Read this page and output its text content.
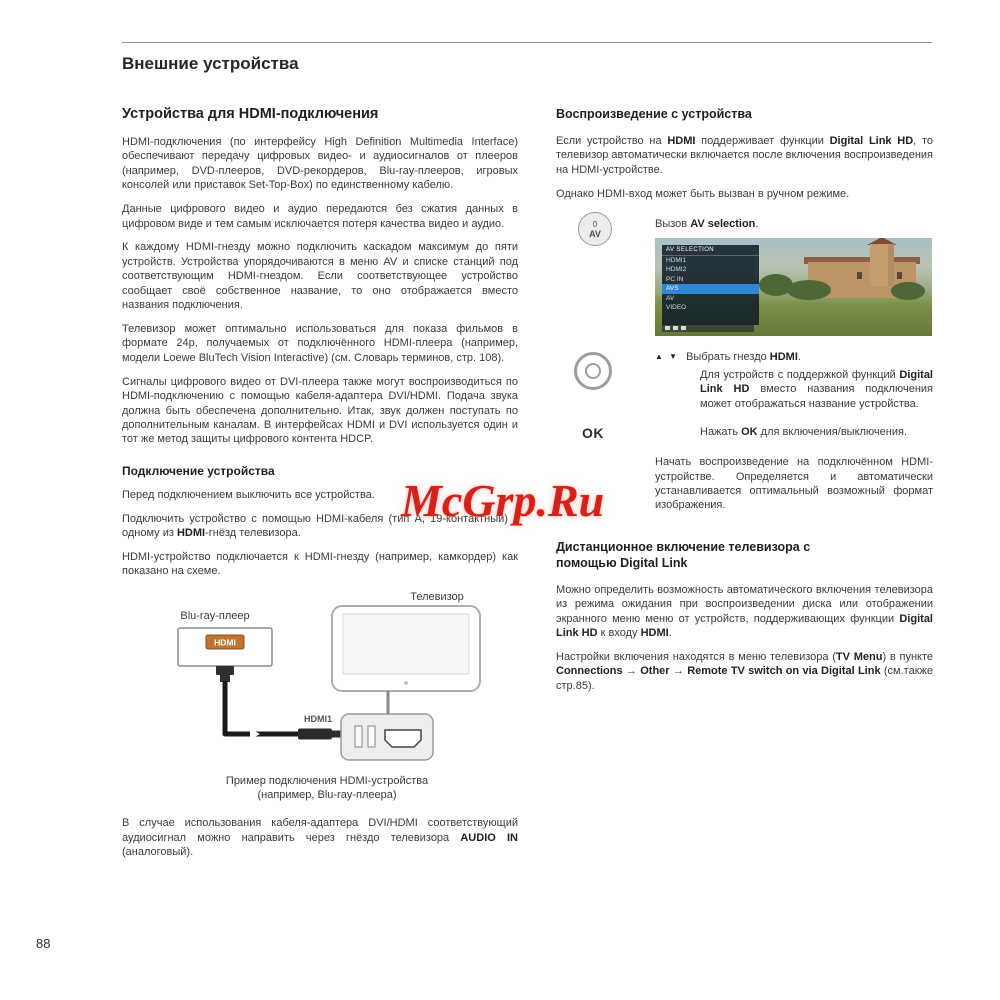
Внешние устройства
Устройства для HDMI-подключения

HDMI-подключения (по интерфейсу High Definition Multimedia Interface) обеспечивают передачу цифровых видео- и аудиосигналов от плееров (например, DVD-плееров, DVD-рекордеров, Blu-ray-плееров, игровых консолей или приставок Set-Top-Box) по единственному кабелю.

Данные цифрового видео и аудио передаются без сжатия данных в цифровом виде и тем самым исключается потеря качества видео и аудио.

К каждому HDMI-гнезду можно подключить каскадом максимум до пяти устройств. Устройства упорядочиваются в меню AV и списке станций под соответствующим HDMI-гнездом. Если соответствующее устройство сообщает своё собственное название, то оно отображается вместо названия подключения.

Телевизор может оптимально использоваться для показа фильмов в формате 24p, получаемых от подключённого HDMI-плеера (например, модели Loewe BluTech Vision Interactive) (см. Словарь терминов, стр. 108).

Сигналы цифрового видео от DVI-плеера также могут воспроизводиться по HDMI-подключению с помощью кабеля-адаптера DVI/HDMI. Подача звука должна быть обеспечена дополнительно. Итак, звук должен поступать по дополнительным каналам. В интерфейсах HDMI и DVI используется один и тот же метод защиты цифрового контента HDCP.

Подключение устройства

Перед подключением выключить все устройства.

Подключить устройство с помощью HDMI-кабеля (тип A, 19-контактный) к одному из HDMI-гнёзд телевизора.

HDMI-устройство подключается к HDMI-гнезду (например, камкордер) как показано на схеме.

Телевизор
Blu-ray-плеер
HDMI
HDMI1
Пример подключения HDMI-устройства
(например, Blu-ray-плеера)

В случае использования кабеля-адаптера DVI/HDMI соответствующий аудиосигнал можно направить через гнёздо телевизора AUDIO IN (аналоговый).

Воспроизведение с устройства

Если устройство на HDMI поддерживает функции Digital Link HD, то телевизор автоматически включается после включения воспроизведения на HDMI-устройстве.

Однако HDMI-вход может быть вызван в ручном режиме.

0
AV

Вызов AV selection.

AV SELECTION
HDMI1
HDMI2
PC IN
AVS
AV
VIDEO

▲ ▼ Выбрать гнездо HDMI.

Для устройств с поддержкой функций Digital Link HD вместо названия подключения может отображаться название устройства.

OK	Нажать OK для включения/выключения.

Начать воспроизведение на подключённом HDMI-устройстве. Определяется и автоматически устанавливается оптимальный возможный формат изображения.

Дистанционное включение телевизора с помощью Digital Link

Можно определить возможность автоматического включения телевизора из режима ожидания при воспроизведении диска или отображении экранного меню меню от устройств, поддерживающих функции Digital Link HD к входу HDMI.

Настройки включения находятся в меню телевизора (TV Menu) в пункте Connections → Other → Remote TV switch on via Digital Link (см.также стр.85).

McGrp.Ru
88
